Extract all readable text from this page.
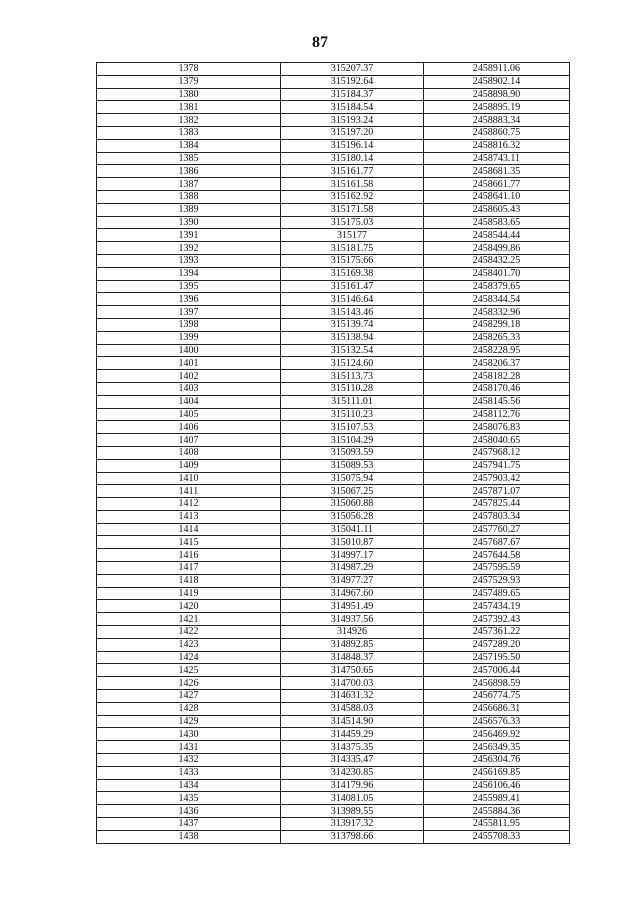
87
1378	315207.37	2458911.06
1379	315192.64	2458902.14
1380	315184.37	2458898.90
1381	315184.54	2458895.19
1382	315193.24	2458883.34
1383	315197.20	2458860.75
1384	315196.14	2458816.32
1385	315180.14	2458743.11
1386	315161.77	2458681.35
1387	315161.58	2458661.77
1388	315162.92	2458641.10
1389	315171.58	2458605.43
1390	315175.03	2458583.65
1391	315177	2458544.44
1392	315181.75	2458499.86
1393	315175.66	2458432.25
1394	315169.38	2458401.70
1395	315161.47	2458379.65
1396	315146.64	2458344.54
1397	315143.46	2458332.96
1398	315139.74	2458299.18
1399	315138.94	2458265.33
1400	315132.54	2458228.95
1401	315124.60	2458206.37
1402	315113.73	2458182.28
1403	315110.28	2458170.46
1404	315111.01	2458145.56
1405	315110.23	2458112.76
1406	315107.53	2458076.83
1407	315104.29	2458040.65
1408	315093.59	2457968.12
1409	315089.53	2457941.75
1410	315075.94	2457903.42
1411	315067.25	2457871.07
1412	315060.88	2457825.44
1413	315056.28	2457803.34
1414	315041.11	2457760.27
1415	315010.87	2457687.67
1416	314997.17	2457644.58
1417	314987.29	2457595.59
1418	314977.27	2457529.93
1419	314967.60	2457489.65
1420	314951.49	2457434.19
1421	314937.56	2457392.43
1422	314926	2457361.22
1423	314892.85	2457289.20
1424	314848.37	2457195.50
1425	314750.65	2457006.44
1426	314700.03	2456898.59
1427	314631.32	2456774.75
1428	314588.03	2456686.31
1429	314514.90	2456576.33
1430	314459.29	2456469.92
1431	314375.35	2456349.35
1432	314335.47	2456304.76
1433	314230.85	2456169.85
1434	314179.96	2456106.46
1435	314081.05	2455989.41
1436	313989.55	2455884.36
1437	313917.32	2455811.95
1438	313798.66	2455708.33
